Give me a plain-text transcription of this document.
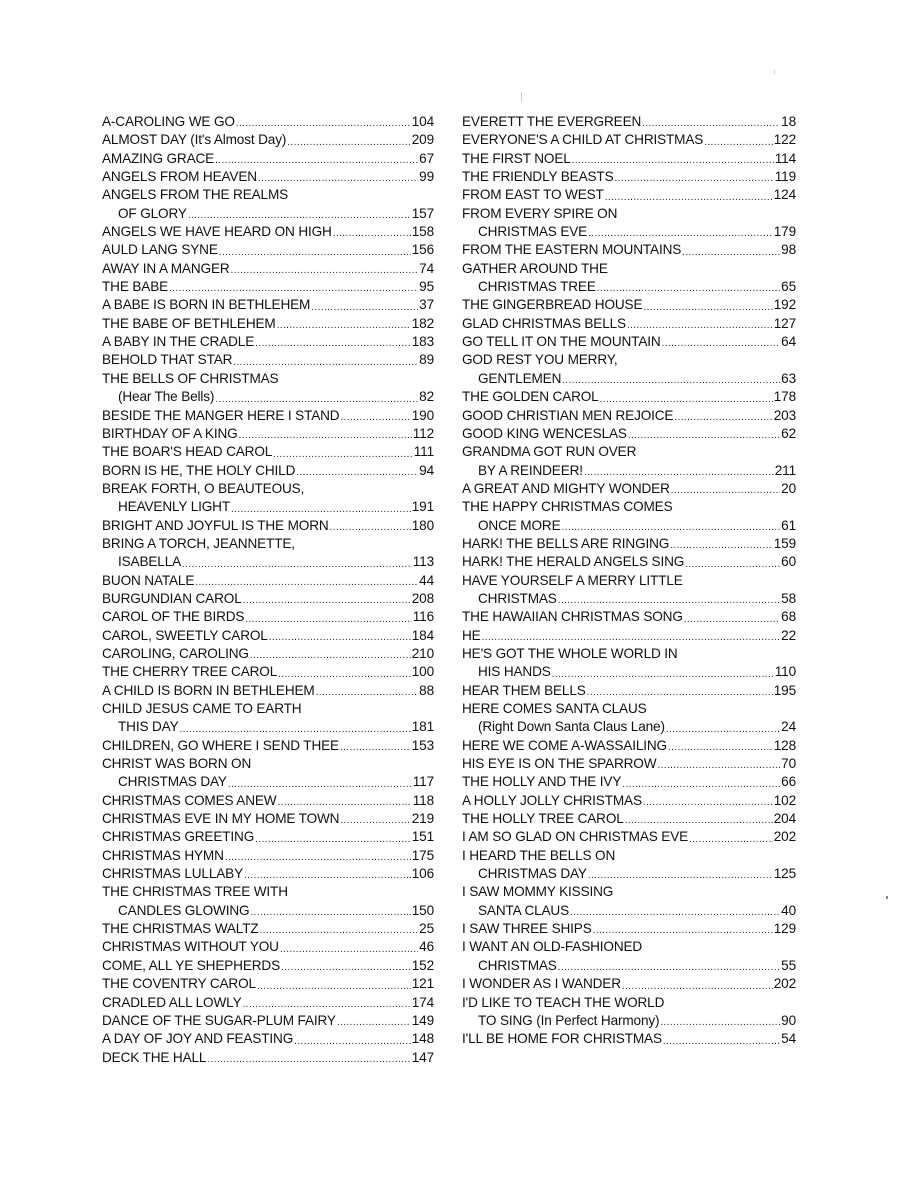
A-CAROLING WE GO .....	104
ALMOST DAY (It's Almost Day) .....	209
AMAZING GRACE .....	67
ANGELS FROM HEAVEN .....	99
ANGELS FROM THE REALMS
OF GLORY .....	157
ANGELS WE HAVE HEARD ON HIGH .....	158
AULD LANG SYNE .....	156
AWAY IN A MANGER .....	74
THE BABE .....	95
A BABE IS BORN IN BETHLEHEM .....	37
THE BABE OF BETHLEHEM .....	182
A BABY IN THE CRADLE .....	183
BEHOLD THAT STAR .....	89
THE BELLS OF CHRISTMAS
(Hear The Bells) .....	82
BESIDE THE MANGER HERE I STAND .....	190
BIRTHDAY OF A KING .....	112
THE BOAR'S HEAD CAROL .....	111
BORN IS HE, THE HOLY CHILD .....	94
BREAK FORTH, O BEAUTEOUS,
HEAVENLY LIGHT .....	191
BRIGHT AND JOYFUL IS THE MORN .....	180
BRING A TORCH, JEANNETTE,
ISABELLA .....	113
BUON NATALE .....	44
BURGUNDIAN CAROL .....	208
CAROL OF THE BIRDS .....	116
CAROL, SWEETLY CAROL .....	184
CAROLING, CAROLING .....	210
THE CHERRY TREE CAROL .....	100
A CHILD IS BORN IN BETHLEHEM .....	88
CHILD JESUS CAME TO EARTH
THIS DAY .....	181
CHILDREN, GO WHERE I SEND THEE .....	153
CHRIST WAS BORN ON
CHRISTMAS DAY .....	117
CHRISTMAS COMES ANEW .....	118
CHRISTMAS EVE IN MY HOME TOWN .....	219
CHRISTMAS GREETING .....	151
CHRISTMAS HYMN .....	175
CHRISTMAS LULLABY .....	106
THE CHRISTMAS TREE WITH
CANDLES GLOWING .....	150
THE CHRISTMAS WALTZ .....	25
CHRISTMAS WITHOUT YOU .....	46
COME, ALL YE SHEPHERDS .....	152
THE COVENTRY CAROL .....	121
CRADLED ALL LOWLY .....	174
DANCE OF THE SUGAR-PLUM FAIRY .....	149
A DAY OF JOY AND FEASTING .....	148
DECK THE HALL .....	147
EVERETT THE EVERGREEN .....	18
EVERYONE'S A CHILD AT CHRISTMAS .....	122
THE FIRST NOEL .....	114
THE FRIENDLY BEASTS .....	119
FROM EAST TO WEST .....	124
FROM EVERY SPIRE ON
CHRISTMAS EVE .....	179
FROM THE EASTERN MOUNTAINS .....	98
GATHER AROUND THE
CHRISTMAS TREE .....	65
THE GINGERBREAD HOUSE .....	192
GLAD CHRISTMAS BELLS .....	127
GO TELL IT ON THE MOUNTAIN .....	64
GOD REST YOU MERRY,
GENTLEMEN .....	63
THE GOLDEN CAROL .....	178
GOOD CHRISTIAN MEN REJOICE .....	203
GOOD KING WENCESLAS .....	62
GRANDMA GOT RUN OVER
BY A REINDEER! .....	211
A GREAT AND MIGHTY WONDER .....	20
THE HAPPY CHRISTMAS COMES
ONCE MORE .....	61
HARK! THE BELLS ARE RINGING .....	159
HARK! THE HERALD ANGELS SING .....	60
HAVE YOURSELF A MERRY LITTLE
CHRISTMAS .....	58
THE HAWAIIAN CHRISTMAS SONG .....	68
HE .....	22
HE'S GOT THE WHOLE WORLD IN
HIS HANDS .....	110
HEAR THEM BELLS .....	195
HERE COMES SANTA CLAUS
(Right Down Santa Claus Lane) .....	24
HERE WE COME A-WASSAILING .....	128
HIS EYE IS ON THE SPARROW .....	70
THE HOLLY AND THE IVY .....	66
A HOLLY JOLLY CHRISTMAS .....	102
THE HOLLY TREE CAROL .....	204
I AM SO GLAD ON CHRISTMAS EVE .....	202
I HEARD THE BELLS ON
CHRISTMAS DAY .....	125
I SAW MOMMY KISSING
SANTA CLAUS .....	40
I SAW THREE SHIPS .....	129
I WANT AN OLD-FASHIONED
CHRISTMAS .....	55
I WONDER AS I WANDER .....	202
I'D LIKE TO TEACH THE WORLD
TO SING (In Perfect Harmony) .....	90
I'LL BE HOME FOR CHRISTMAS .....	54
